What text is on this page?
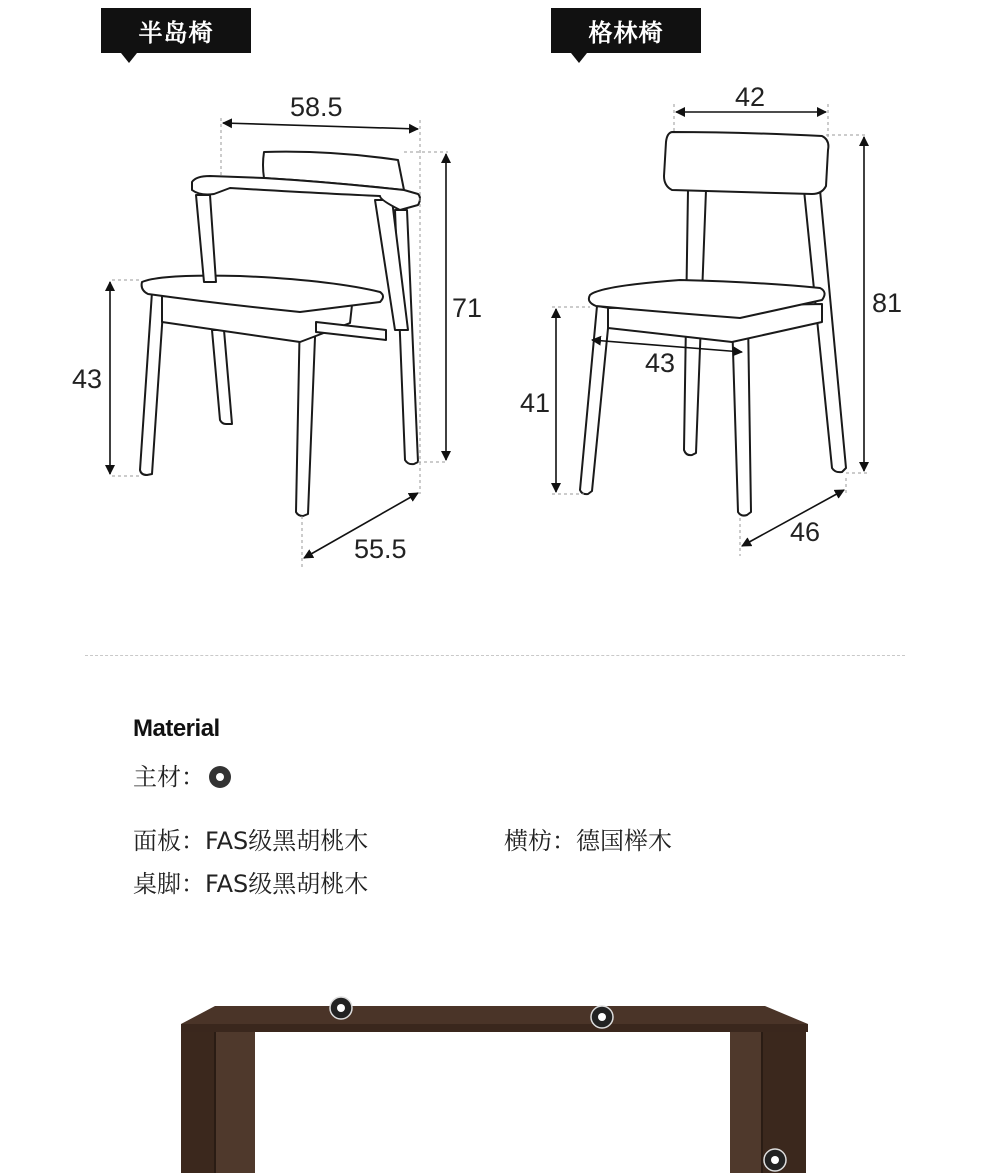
半岛椅	格林椅
58.5
43
71
55.5
42
81
41
43
46
Material
主材：
面板：FAS级黑胡桃木	横枋：德国榉木
桌脚：FAS级黑胡桃木
